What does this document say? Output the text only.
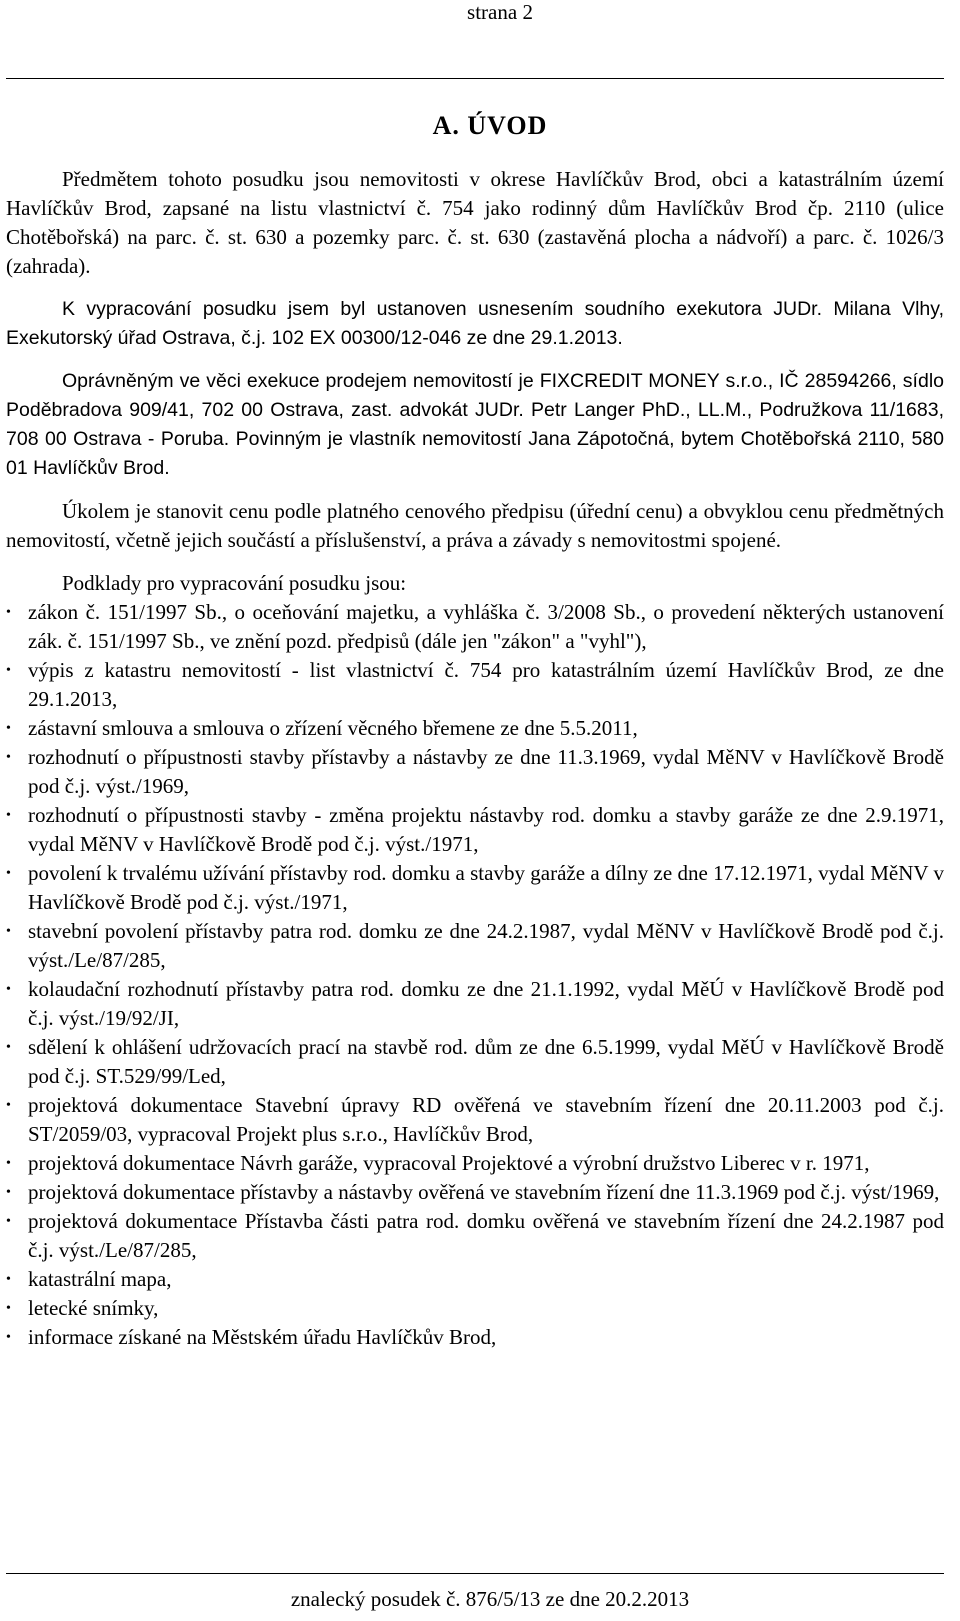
strana 2
A. ÚVOD

Předmětem tohoto posudku jsou nemovitosti v okrese Havlíčkův Brod, obci a katastrálním území Havlíčkův Brod, zapsané na listu vlastnictví č. 754 jako rodinný dům Havlíčkův Brod čp. 2110 (ulice Chotěbořská) na parc. č. st. 630 a pozemky parc. č. st. 630 (zastavěná plocha a nádvoří) a parc. č. 1026/3 (zahrada).

K vypracování posudku jsem byl ustanoven usnesením soudního exekutora JUDr. Milana Vlhy, Exekutorský úřad Ostrava, č.j. 102 EX 00300/12-046 ze dne 29.1.2013.

Oprávněným ve věci exekuce prodejem nemovitostí je FIXCREDIT MONEY s.r.o., IČ 28594266, sídlo Poděbradova 909/41, 702 00 Ostrava, zast. advokát JUDr. Petr Langer PhD., LL.M., Podružkova 11/1683, 708 00 Ostrava - Poruba. Povinným je vlastník nemovitostí Jana Zápotočná, bytem Chotěbořská 2110, 580 01 Havlíčkův Brod.

Úkolem je stanovit cenu podle platného cenového předpisu (úřední cenu) a obvyklou cenu předmětných nemovitostí, včetně jejich součástí a příslušenství, a práva a závady s nemovitostmi spojené.

Podklady pro vypracování posudku jsou:

• zákon č. 151/1997 Sb., o oceňování majetku, a vyhláška č. 3/2008 Sb., o provedení některých ustanovení zák. č. 151/1997 Sb., ve znění pozd. předpisů (dále jen "zákon" a "vyhl"),
• výpis z katastru nemovitostí - list vlastnictví č. 754 pro katastrálním území Havlíčkův Brod, ze dne 29.1.2013,
• zástavní smlouva a smlouva o zřízení věcného břemene ze dne 5.5.2011,
• rozhodnutí o přípustnosti stavby přístavby a nástavby ze dne 11.3.1969, vydal MěNV v Havlíčkově Brodě pod č.j. výst./1969,
• rozhodnutí o přípustnosti stavby - změna projektu nástavby rod. domku a stavby garáže ze dne 2.9.1971, vydal MěNV v Havlíčkově Brodě pod č.j. výst./1971,
• povolení k trvalému užívání přístavby rod. domku a stavby garáže a dílny ze dne 17.12.1971, vydal MěNV v Havlíčkově Brodě pod č.j. výst./1971,
• stavební povolení přístavby patra rod. domku ze dne 24.2.1987, vydal MěNV v Havlíčkově Brodě pod č.j. výst./Le/87/285,
• kolaudační rozhodnutí přístavby patra rod. domku ze dne 21.1.1992, vydal MěÚ v Havlíčkově Brodě pod č.j. výst./19/92/JI,
• sdělení k ohlášení udržovacích prací na stavbě rod. dům ze dne 6.5.1999, vydal MěÚ v Havlíčkově Brodě pod č.j. ST.529/99/Led,
• projektová dokumentace Stavební úpravy RD ověřená ve stavebním řízení dne 20.11.2003 pod č.j. ST/2059/03, vypracoval Projekt plus s.r.o., Havlíčkův Brod,
• projektová dokumentace Návrh garáže, vypracoval Projektové a výrobní družstvo Liberec v r. 1971,
• projektová dokumentace přístavby a nástavby ověřená ve stavebním řízení dne 11.3.1969 pod č.j. výst/1969,
• projektová dokumentace Přístavba části patra rod. domku ověřená ve stavebním řízení dne 24.2.1987 pod č.j. výst./Le/87/285,
• katastrální mapa,
• letecké snímky,
• informace získané na Městském úřadu Havlíčkův Brod,
znalecký posudek č. 876/5/13 ze dne 20.2.2013
